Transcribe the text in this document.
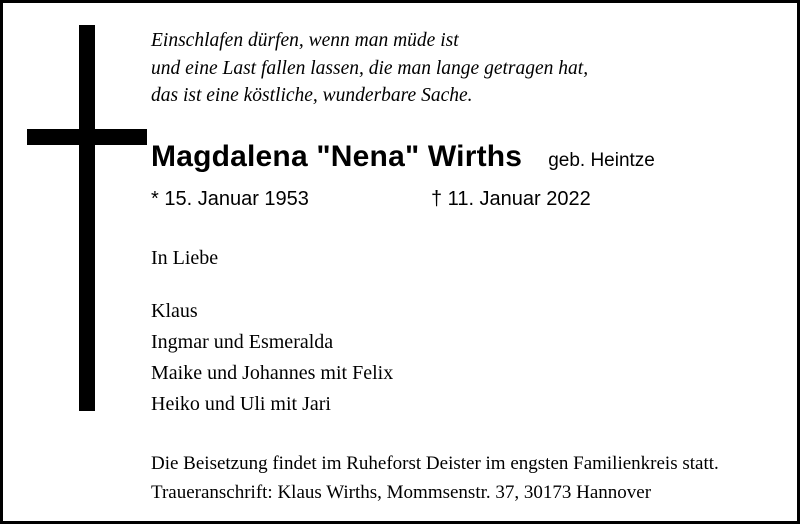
Einschlafen dürfen, wenn man müde ist
und eine Last fallen lassen, die man lange getragen hat,
das ist eine köstliche, wunderbare Sache.
Magdalena "Nena" Wirths geb. Heintze
* 15. Januar 1953	† 11. Januar 2022
In Liebe
Klaus
Ingmar und Esmeralda
Maike und Johannes mit Felix
Heiko und Uli mit Jari
Die Beisetzung findet im Ruheforst Deister im engsten Familienkreis statt.
Traueranschrift: Klaus Wirths, Mommsenstr. 37, 30173 Hannover
